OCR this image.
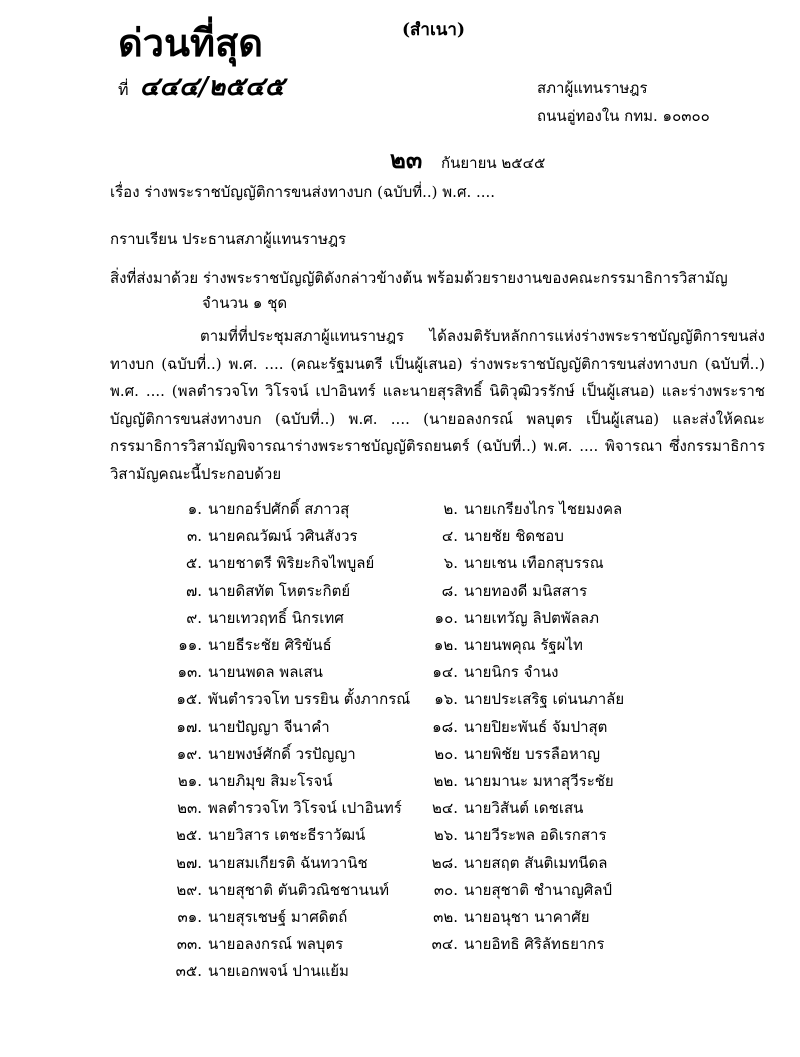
ด่วนที่สุด	(สำเนา)
ที่ ๔๔๔/๒๕๔๕	สภาผู้แทนราษฎร
ถนนอู่ทองใน กทม. ๑๐๓๐๐
๒๓ กันยายน ๒๕๔๕
เรื่อง ร่างพระราชบัญญัติการขนส่งทางบก (ฉบับที่..) พ.ศ. ....
กราบเรียน ประธานสภาผู้แทนราษฎร
สิ่งที่ส่งมาด้วย ร่างพระราชบัญญัติดังกล่าวข้างต้น พร้อมด้วยรายงานของคณะกรรมาธิการวิสามัญ
จำนวน ๑ ชุด

ตามที่ที่ประชุมสภาผู้แทนราษฎร ได้ลงมติรับหลักการแห่งร่างพระราชบัญญัติการขนส่งทางบก (ฉบับที่..) พ.ศ. .... (คณะรัฐมนตรี เป็นผู้เสนอ) ร่างพระราชบัญญัติการขนส่งทางบก (ฉบับที่..) พ.ศ. .... (พลตำรวจโท วิโรจน์ เปาอินทร์ และนายสุรสิทธิ์ นิติวุฒิวรรักษ์ เป็นผู้เสนอ) และร่างพระราชบัญญัติการขนส่งทางบก (ฉบับที่..) พ.ศ. .... (นายอลงกรณ์ พลบุตร เป็นผู้เสนอ) และส่งให้คณะกรรมาธิการวิสามัญพิจารณาร่างพระราชบัญญัติรถยนตร์ (ฉบับที่..) พ.ศ. .... พิจารณา ซึ่งกรรมาธิการวิสามัญคณะนี้ประกอบด้วย

๑. นายกอร์ปศักดิ์ สภาวสุ	๒. นายเกรียงไกร ไชยมงคล
๓. นายคณวัฒน์ วศินสังวร	๔. นายชัย ชิดชอบ
๕. นายชาตรี พิริยะกิจไพบูลย์	๖. นายเชน เทือกสุบรรณ
๗. นายดิสทัต โหตระกิตย์	๘. นายทองดี มนิสสาร
๙. นายเทวฤทธิ์ นิกรเทศ	๑๐. นายเทวัญ ลิปตพัลลภ
๑๑. นายธีระชัย ศิริขันธ์	๑๒. นายนพคุณ รัฐผไท
๑๓. นายนพดล พลเสน	๑๔. นายนิกร จำนง
๑๕. พันตำรวจโท บรรยิน ตั้งภากรณ์	๑๖. นายประเสริฐ เด่นนภาลัย
๑๗. นายปัญญา จีนาคำ	๑๘. นายปิยะพันธ์ จัมปาสุต
๑๙. นายพงษ์ศักดิ์ วรปัญญา	๒๐. นายพิชัย บรรลือหาญ
๒๑. นายภิมุข สิมะโรจน์	๒๒. นายมานะ มหาสุวีระชัย
๒๓. พลตำรวจโท วิโรจน์ เปาอินทร์	๒๔. นายวิสันต์ เดชเสน
๒๕. นายวิสาร เตชะธีราวัฒน์	๒๖. นายวีระพล อดิเรกสาร
๒๗. นายสมเกียรติ ฉันทวานิช	๒๘. นายสฤต สันติเมทนีดล
๒๙. นายสุชาติ ตันติวณิชชานนท์	๓๐. นายสุชาติ ชำนาญศิลป์
๓๑. นายสุรเชษฐ์ มาศดิตถ์	๓๒. นายอนุชา นาคาศัย
๓๓. นายอลงกรณ์ พลบุตร	๓๔. นายอิทธิ ศิริลัทธยากร
๓๕. นายเอกพจน์ ปานแย้ม
